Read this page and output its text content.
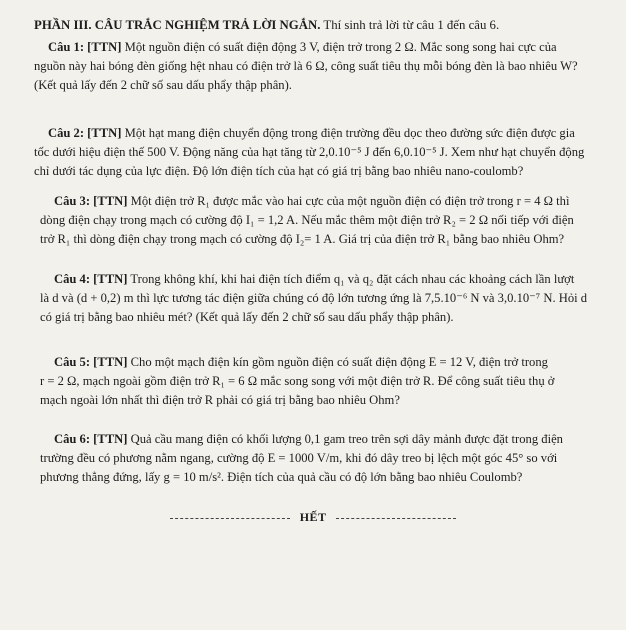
PHẦN III. CÂU TRẮC NGHIỆM TRẢ LỜI NGẮN. Thí sinh trả lời từ câu 1 đến câu 6.

Câu 1: [TTN] Một nguồn điện có suất điện động 3 V, điện trở trong 2 Ω. Mắc song song hai cực của

nguồn này hai bóng đèn giống hệt nhau có điện trở là 6 Ω, công suất tiêu thụ mỗi bóng đèn là bao nhiêu W?

(Kết quả lấy đến 2 chữ số sau dấu phẩy thập phân).

Câu 2: [TTN] Một hạt mang điện chuyển động trong điện trường đều dọc theo đường sức điện được gia

tốc dưới hiệu điện thế 500 V. Động năng của hạt tăng từ 2,0.10⁻⁵ J đến 6,0.10⁻⁵ J. Xem như hạt chuyển động

chỉ dưới tác dụng của lực điện. Độ lớn điện tích của hạt có giá trị bằng bao nhiêu nano-coulomb?

Câu 3: [TTN] Một điện trở R₁ được mắc vào hai cực của một nguồn điện có điện trở trong r = 4 Ω thì

dòng điện chạy trong mạch có cường độ I₁ = 1,2 A. Nếu mắc thêm một điện trở R₂ = 2 Ω nối tiếp với điện

trở R₁ thì dòng điện chạy trong mạch có cường độ I₂= 1 A. Giá trị của điện trở R₁ bằng bao nhiêu Ohm?

Câu 4: [TTN] Trong không khí, khi hai điện tích điểm q₁ và q₂ đặt cách nhau các khoảng cách lần lượt

là d và (d + 0,2) m thì lực tương tác điện giữa chúng có độ lớn tương ứng là 7,5.10⁻⁶ N và 3,0.10⁻⁷ N. Hỏi d

có giá trị bằng bao nhiêu mét? (Kết quả lấy đến 2 chữ số sau dấu phẩy thập phân).

Câu 5: [TTN] Cho một mạch điện kín gồm nguồn điện có suất điện động E = 12 V, điện trở trong

r = 2 Ω, mạch ngoài gồm điện trở R₁ = 6 Ω mắc song song với một điện trở R. Để công suất tiêu thụ ở

mạch ngoài lớn nhất thì điện trở R phải có giá trị bằng bao nhiêu Ohm?

Câu 6: [TTN] Quả cầu mang điện có khối lượng 0,1 gam treo trên sợi dây mảnh được đặt trong điện

trường đều có phương nằm ngang, cường độ E = 1000 V/m, khi đó dây treo bị lệch một góc 45° so với

phương thẳng đứng, lấy g = 10 m/s². Điện tích của quả cầu có độ lớn bằng bao nhiêu Coulomb?

HẾT
